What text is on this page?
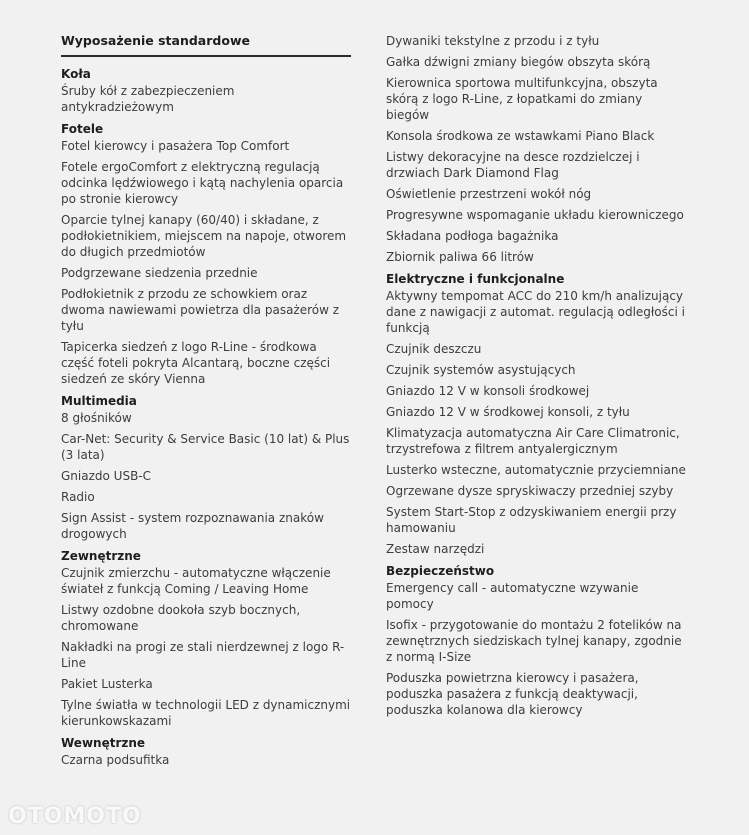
Wyposażenie standardowe
Koła
Śruby kół z zabezpieczeniem antykradzieżowym
Fotele
Fotel kierowcy i pasażera Top Comfort
Fotele ergoComfort z elektryczną regulacją odcinka lędźwiowego i kątą nachylenia oparcia po stronie kierowcy
Oparcie tylnej kanapy (60/40) i składane, z podłokietnikiem, miejscem na napoje, otworem do długich przedmiotów
Podgrzewane siedzenia przednie
Podłokietnik z przodu ze schowkiem oraz dwoma nawiewami powietrza dla pasażerów z tyłu
Tapicerka siedzeń z logo R-Line - środkowa część foteli pokryta Alcantarą, boczne części siedzeń ze skóry Vienna
Multimedia
8 głośników
Car-Net: Security & Service Basic (10 lat) & Plus (3 lata)
Gniazdo USB-C
Radio
Sign Assist - system rozpoznawania znaków drogowych
Zewnętrzne
Czujnik zmierzchu - automatyczne włączenie świateł z funkcją Coming / Leaving Home
Listwy ozdobne dookoła szyb bocznych, chromowane
Nakładki na progi ze stali nierdzewnej z logo R-Line
Pakiet Lusterka
Tylne światła w technologii LED z dynamicznymi kierunkowskazami
Wewnętrzne
Czarna podsufitka
Dywaniki tekstylne z przodu i z tyłu
Gałka dźwigni zmiany biegów obszyta skórą
Kierownica sportowa multifunkcyjna, obszyta skórą z logo R-Line, z łopatkami do zmiany biegów
Konsola środkowa ze wstawkami Piano Black
Listwy dekoracyjne na desce rozdzielczej i drzwiach Dark Diamond Flag
Oświetlenie przestrzeni wokół nóg
Progresywne wspomaganie układu kierowniczego
Składana podłoga bagażnika
Zbiornik paliwa 66 litrów
Elektryczne i funkcjonalne
Aktywny tempomat ACC do 210 km/h analizujący dane z nawigacji z automat. regulacją odległości i funkcją
Czujnik deszczu
Czujnik systemów asystujących
Gniazdo 12 V w konsoli środkowej
Gniazdo 12 V w środkowej konsoli, z tyłu
Klimatyzacja automatyczna Air Care Climatronic, trzystrefowa z filtrem antyalergicznym
Lusterko wsteczne, automatycznie przyciemniane
Ogrzewane dysze spryskiwaczy przedniej szyby
System Start-Stop z odzyskiwaniem energii przy hamowaniu
Zestaw narzędzi
Bezpieczeństwo
Emergency call - automatyczne wzywanie pomocy
Isofix - przygotowanie do montażu 2 fotelików na zewnętrznych siedziskach tylnej kanapy, zgodnie z normą I-Size
Poduszka powietrzna kierowcy i pasażera, poduszka pasażera z funkcją deaktywacji, poduszka kolanowa dla kierowcy
OTOMOTO
